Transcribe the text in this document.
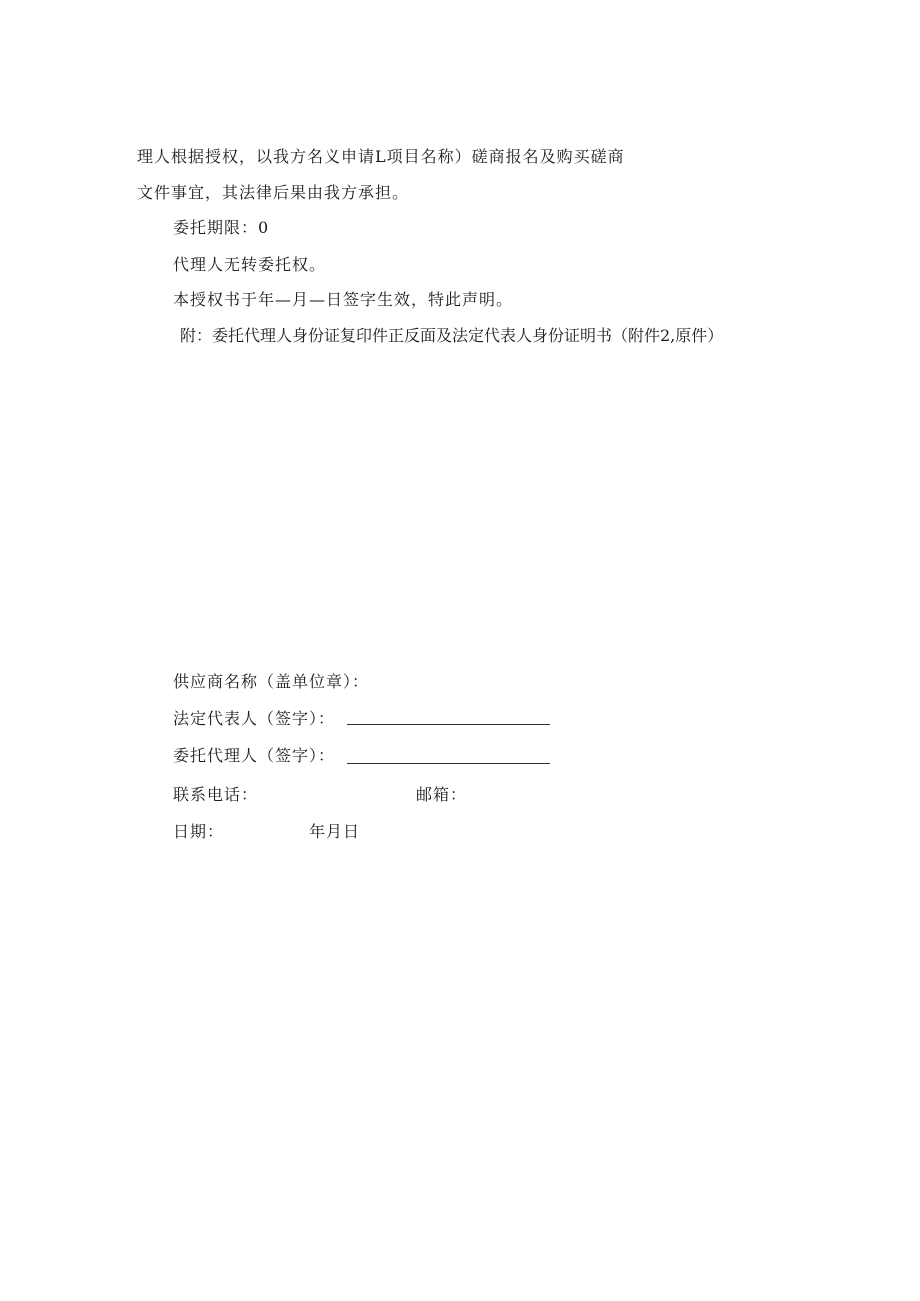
理人根据授权，以我方名义申请L项目名称）磋商报名及购买磋商
文件事宜，其法律后果由我方承担。
委托期限：0
代理人无转委托权。
本授权书于年—月—日签字生效，特此声明。
附：委托代理人身份证复印件正反面及法定代表人身份证明书（附件2,原件）
供应商名称（盖单位章）：
法定代表人（签字）：
委托代理人（签字）：
联系电话：	邮箱：
日期：	年月日
